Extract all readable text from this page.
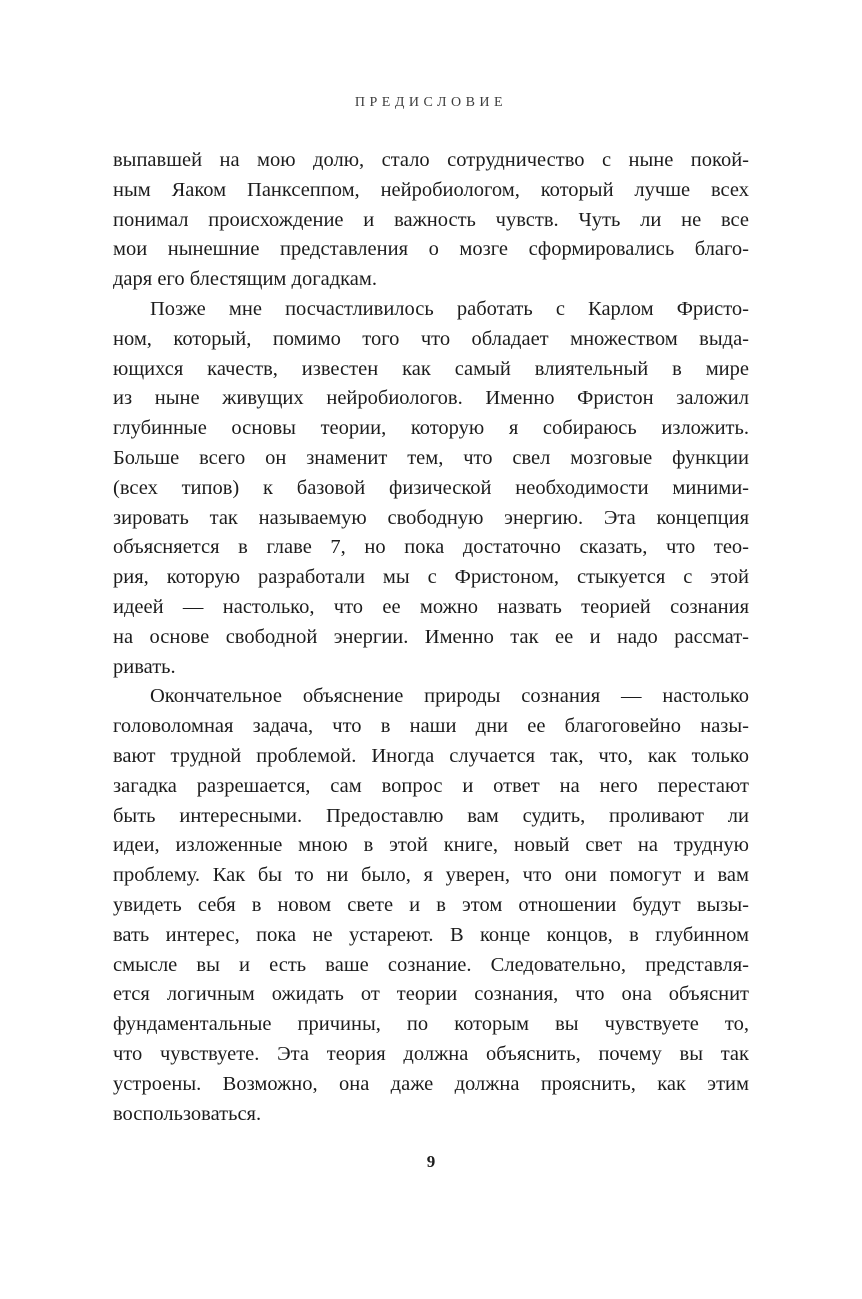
ПРЕДИСЛОВИЕ
выпавшей на мою долю, стало сотрудничество с ныне покой-
ным Яаком Панксеппом, нейробиологом, который лучше всех
понимал происхождение и важность чувств. Чуть ли не все
мои нынешние представления о мозге сформировались благо-
даря его блестящим догадкам.
Позже мне посчастливилось работать с Карлом Фристо-
ном, который, помимо того что обладает множеством выда-
ющихся качеств, известен как самый влиятельный в мире
из ныне живущих нейробиологов. Именно Фристон заложил
глубинные основы теории, которую я собираюсь изложить.
Больше всего он знаменит тем, что свел мозговые функции
(всех типов) к базовой физической необходимости миними-
зировать так называемую свободную энергию. Эта концепция
объясняется в главе 7, но пока достаточно сказать, что тео-
рия, которую разработали мы с Фристоном, стыкуется с этой
идеей — настолько, что ее можно назвать теорией сознания
на основе свободной энергии. Именно так ее и надо рассмат-
ривать.
Окончательное объяснение природы сознания — настолько
головоломная задача, что в наши дни ее благоговейно назы-
вают трудной проблемой. Иногда случается так, что, как только
загадка разрешается, сам вопрос и ответ на него перестают
быть интересными. Предоставлю вам судить, проливают ли
идеи, изложенные мною в этой книге, новый свет на трудную
проблему. Как бы то ни было, я уверен, что они помогут и вам
увидеть себя в новом свете и в этом отношении будут вызы-
вать интерес, пока не устареют. В конце концов, в глубинном
смысле вы и есть ваше сознание. Следовательно, представля-
ется логичным ожидать от теории сознания, что она объяснит
фундаментальные причины, по которым вы чувствуете то,
что чувствуете. Эта теория должна объяснить, почему вы так
устроены. Возможно, она даже должна прояснить, как этим
воспользоваться.
9
